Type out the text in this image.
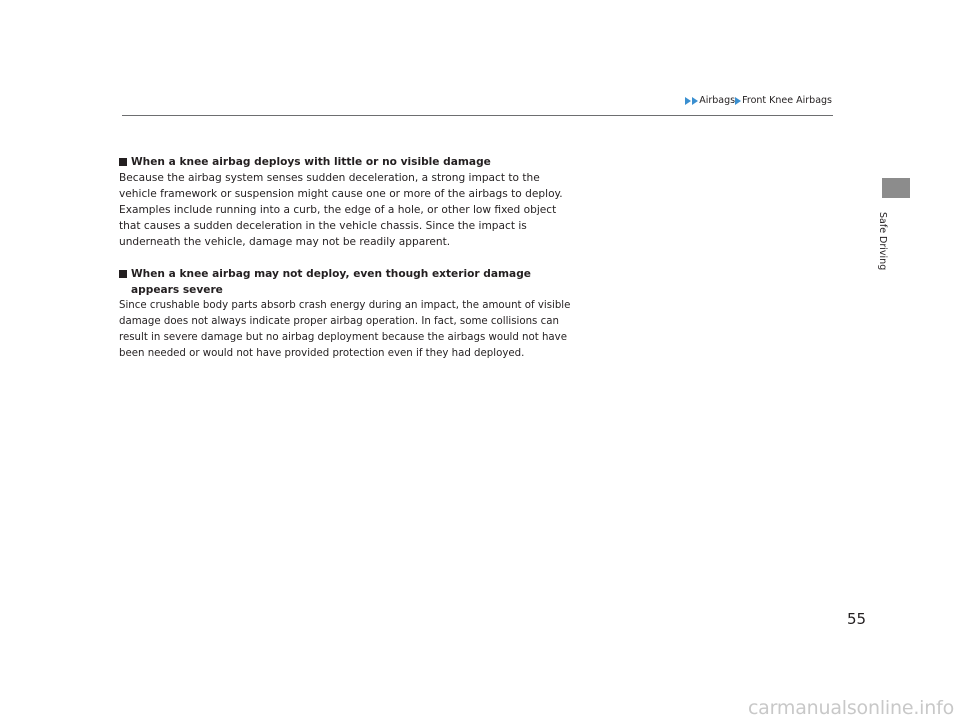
Airbags Front Knee Airbags
Safe Driving
When a knee airbag deploys with little or no visible damage

Because the airbag system senses sudden deceleration, a strong impact to the vehicle framework or suspension might cause one or more of the airbags to deploy. Examples include running into a curb, the edge of a hole, or other low fixed object that causes a sudden deceleration in the vehicle chassis. Since the impact is underneath the vehicle, damage may not be readily apparent.

When a knee airbag may not deploy, even though exterior damage appears severe

Since crushable body parts absorb crash energy during an impact, the amount of visible damage does not always indicate proper airbag operation. In fact, some collisions can result in severe damage but no airbag deployment because the airbags would not have been needed or would not have provided protection even if they had deployed.

55
carmanualsonline.info
